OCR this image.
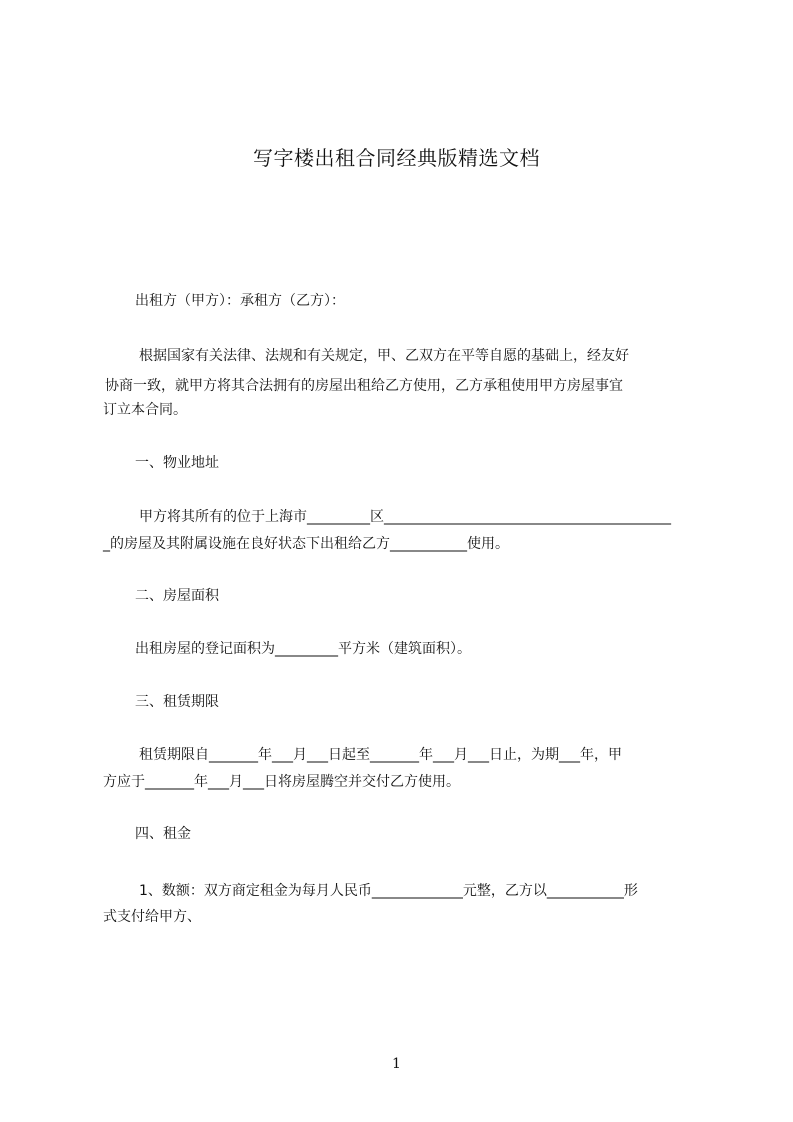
写字楼出租合同经典版精选文档

出租方（甲方）：承租方（乙方）：

根据国家有关法律、法规和有关规定，甲、乙双方在平等自愿的基础上，经友好

协商一致，就甲方将其合法拥有的房屋出租给乙方使用，乙方承租使用甲方房屋事宜

订立本合同。

一、物业地址

甲方将其所有的位于上海市_________区_________________________________________

_的房屋及其附属设施在良好状态下出租给乙方___________使用。

二、房屋面积

出租房屋的登记面积为_________平方米（建筑面积）。

三、租赁期限

租赁期限自_______年___月___日起至_______年___月___日止，为期___年，甲

方应于_______年___月___日将房屋腾空并交付乙方使用。

四、租金

1、数额：双方商定租金为每月人民币_____________元整，乙方以___________形

式支付给甲方、

1
